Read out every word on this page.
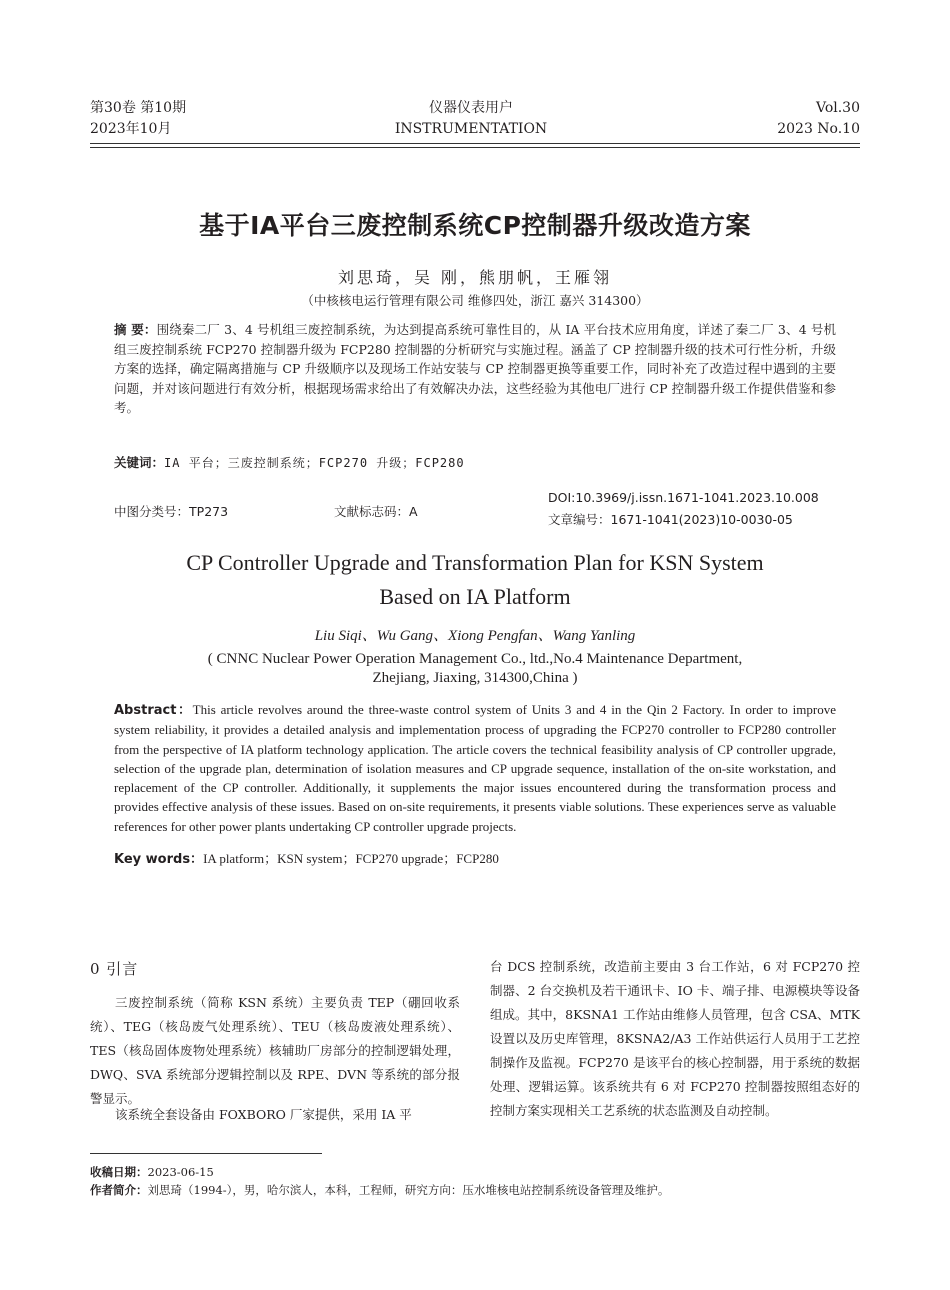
第30卷 第10期
2023年10月
仪器仪表用户
INSTRUMENTATION
Vol.30
2023 No.10
基于IA平台三废控制系统CP控制器升级改造方案
刘思琦，吴 刚，熊朋帆，王雁翎
（中核核电运行管理有限公司 维修四处，浙江 嘉兴 314300）
摘 要：围绕秦二厂 3、4 号机组三废控制系统，为达到提高系统可靠性目的，从 IA 平台技术应用角度，详述了秦二厂 3、4 号机组三废控制系统 FCP270 控制器升级为 FCP280 控制器的分析研究与实施过程。涵盖了 CP 控制器升级的技术可行性分析，升级方案的选择，确定隔离措施与 CP 升级顺序以及现场工作站安装与 CP 控制器更换等重要工作，同时补充了改造过程中遇到的主要问题，并对该问题进行有效分析，根据现场需求给出了有效解决办法，这些经验为其他电厂进行 CP 控制器升级工作提供借鉴和参考。
关键词：IA 平台；三废控制系统；FCP270 升级；FCP280
中图分类号：TP273	文献标志码：A
DOI:10.3969/j.issn.1671-1041.2023.10.008
文章编号：1671-1041(2023)10-0030-05
CP Controller Upgrade and Transformation Plan for KSN System
Based on IA Platform
Liu Siqi、Wu Gang、Xiong Pengfan、Wang Yanling
( CNNC Nuclear Power Operation Management Co., ltd.,No.4 Maintenance Department,
Zhejiang, Jiaxing, 314300,China )
Abstract：This article revolves around the three-waste control system of Units 3 and 4 in the Qin 2 Factory. In order to improve system reliability, it provides a detailed analysis and implementation process of upgrading the FCP270 controller to FCP280 controller from the perspective of IA platform technology application. The article covers the technical feasibility analysis of CP controller upgrade, selection of the upgrade plan, determination of isolation measures and CP upgrade sequence, installation of the on-site workstation, and replacement of the CP controller. Additionally, it supplements the major issues encountered during the transformation process and provides effective analysis of these issues. Based on on-site requirements, it presents viable solutions. These experiences serve as valuable references for other power plants undertaking CP controller upgrade projects.
Key words：IA platform；KSN system；FCP270 upgrade；FCP280
0 引言

三废控制系统（简称 KSN 系统）主要负责 TEP（硼回收系统）、TEG（核岛废气处理系统）、TEU（核岛废液处理系统）、TES（核岛固体废物处理系统）核辅助厂房部分的控制逻辑处理，DWQ、SVA 系统部分逻辑控制以及 RPE、DVN 等系统的部分报警显示。

该系统全套设备由 FOXBORO 厂家提供，采用 IA 平

台 DCS 控制系统，改造前主要由 3 台工作站，6 对 FCP270 控制器、2 台交换机及若干通讯卡、IO 卡、端子排、电源模块等设备组成。其中，8KSNA1 工作站由维修人员管理，包含 CSA、MTK 设置以及历史库管理，8KSNA2/A3 工作站供运行人员用于工艺控制操作及监视。FCP270 是该平台的核心控制器，用于系统的数据处理、逻辑运算。该系统共有 6 对 FCP270 控制器按照组态好的控制方案实现相关工艺系统的状态监测及自动控制。

收稿日期：2023-06-15
作者简介：刘思琦（1994-），男，哈尔滨人，本科，工程师，研究方向：压水堆核电站控制系统设备管理及维护。
